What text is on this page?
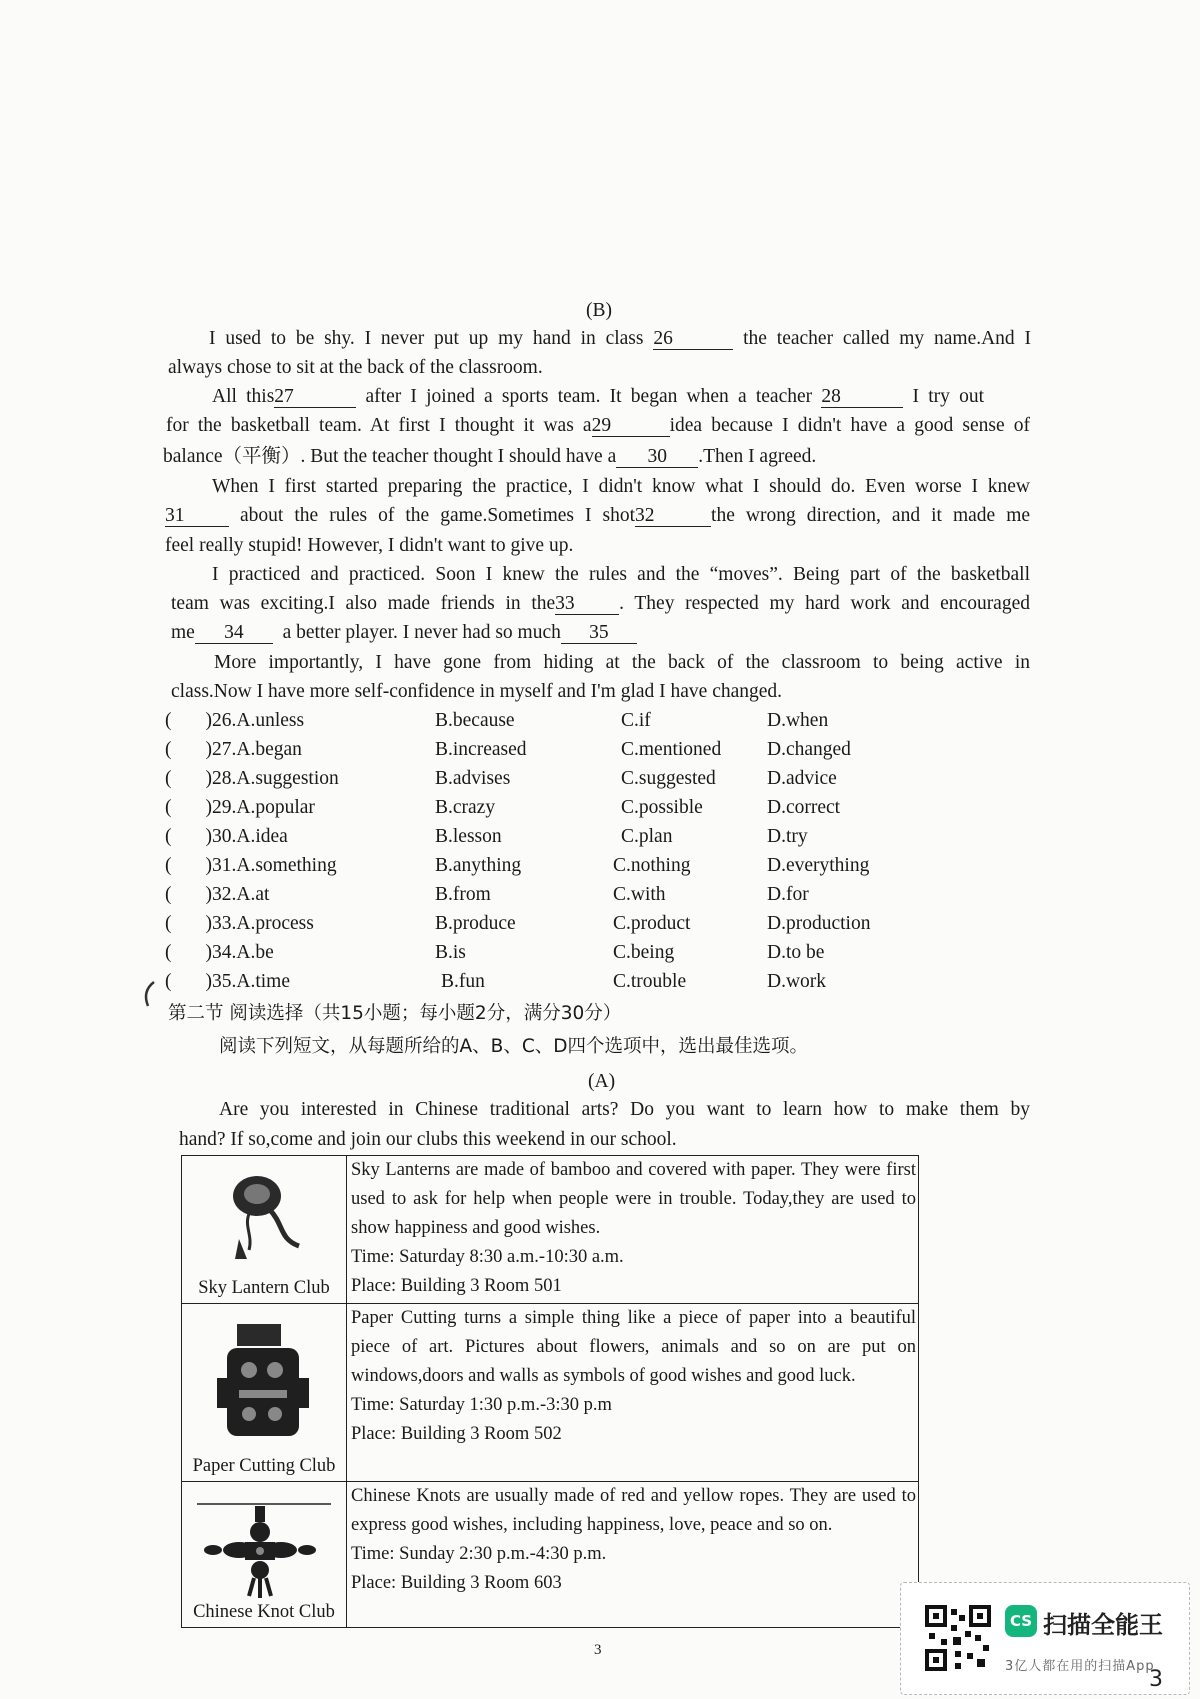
(B)
I used to be shy. I never put up my hand in class 26	the teacher called my name.And I
always chose to sit at the back of the classroom.
All this27	after I joined a sports team. It began when a teacher 28	I try out
for the basketball team. At first I thought it was a29	idea because I didn't have a good sense of
balance（平衡）. But the teacher thought I should have a 30 .Then I agreed.
When I first started preparing the practice, I didn't know what I should do. Even worse I knew
31	about the rules of the game.Sometimes I shot32	the wrong direction, and it made me
feel really stupid! However, I didn't want to give up.
I practiced and practiced. Soon I knew the rules and the “moves”. Being part of the basketball
team was exciting.I also made friends in the33 . They respected my hard work and encouraged
me 34 a better player. I never had so much 35
More importantly, I have gone from hiding at the back of the classroom to being active in
class.Now I have more self-confidence in myself and I'm glad I have changed.
( )26.A.unless	B.because	C.if	D.when
( )27.A.began	B.increased	C.mentioned D.changed
( )28.A.suggestion	B.advises	C.suggested	D.advice
( )29.A.popular	B.crazy	C.possible	D.correct
( )30.A.idea	B.lesson	C.plan	D.try
( )31.A.something	B.anything	C.nothing	D.everything
( )32.A.at	B.from	C.with	D.for
( )33.A.process	B.produce	C.product	D.production
( )34.A.be	B.is	C.being	D.to be
( )35.A.time	B.fun	C.trouble	D.work
第二节 阅读选择（共15小题；每小题2分，满分30分）
阅读下列短文，从每题所给的A、B、C、D四个选项中，选出最佳选项。
(A)
Are you interested in Chinese traditional arts? Do you want to learn how to make them by
hand? If so,come and join our clubs this weekend in our school.
Sky Lantern Club	Sky Lanterns are made of bamboo and covered with paper. They were first used to ask for help when people were in trouble. Today,they are used to show happiness and good wishes.
Time: Saturday 8:30 a.m.-10:30 a.m.
Place: Building 3 Room 501

Paper Cutting Club	Paper Cutting turns a simple thing like a piece of paper into a beautiful piece of art. Pictures about flowers, animals and so on are put on windows,doors and walls as symbols of good wishes and good luck.
Time: Saturday 1:30 p.m.-3:30 p.m
Place: Building 3 Room 502

Chinese Knot Club	Chinese Knots are usually made of red and yellow ropes. They are used to express good wishes, including happiness, love, peace and so on.
Time: Sunday 2:30 p.m.-4:30 p.m.
Place: Building 3 Room 603
3
CS 扫描全能王
3亿人都在用的扫描App
3
